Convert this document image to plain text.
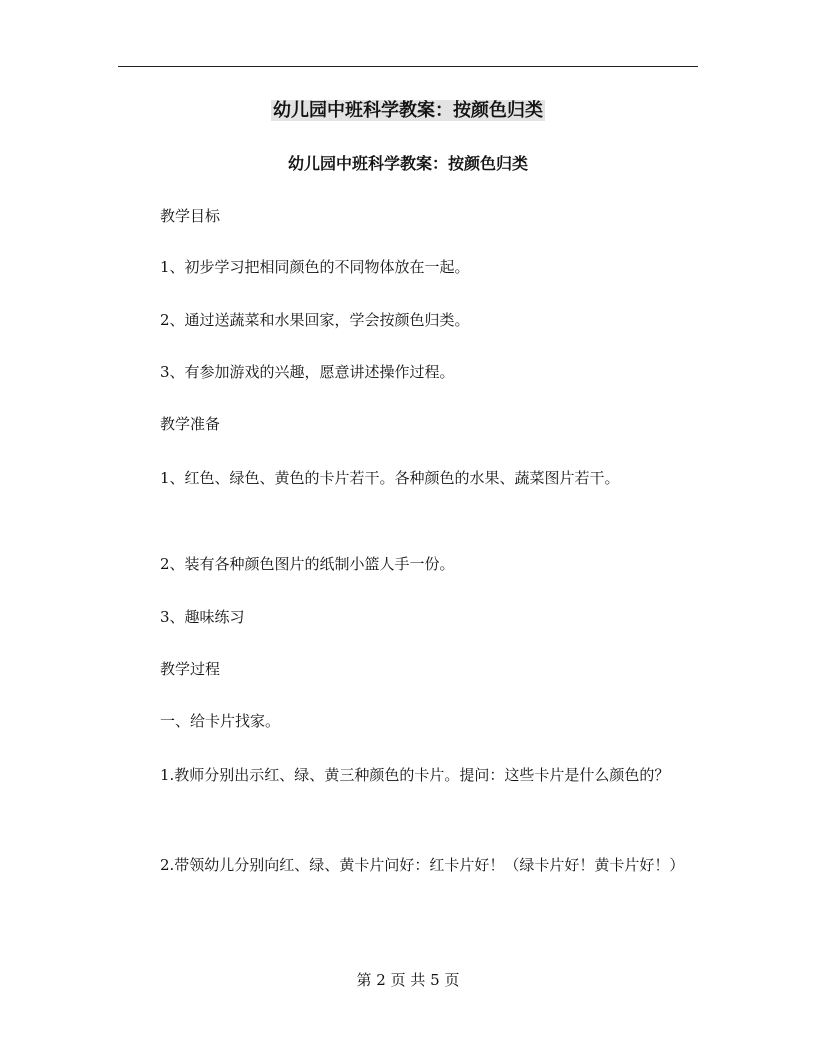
幼儿园中班科学教案：按颜色归类
幼儿园中班科学教案：按颜色归类
教学目标
1、初步学习把相同颜色的不同物体放在一起。
2、通过送蔬菜和水果回家，学会按颜色归类。
3、有参加游戏的兴趣，愿意讲述操作过程。
教学准备
1、红色、绿色、黄色的卡片若干。各种颜色的水果、蔬菜图片若干。
2、装有各种颜色图片的纸制小篮人手一份。
3、趣味练习
教学过程
一、给卡片找家。
1.教师分别出示红、绿、黄三种颜色的卡片。提问：这些卡片是什么颜色的？
2.带领幼儿分别向红、绿、黄卡片问好：红卡片好！（绿卡片好！黄卡片好！）
第 2 页 共 5 页
